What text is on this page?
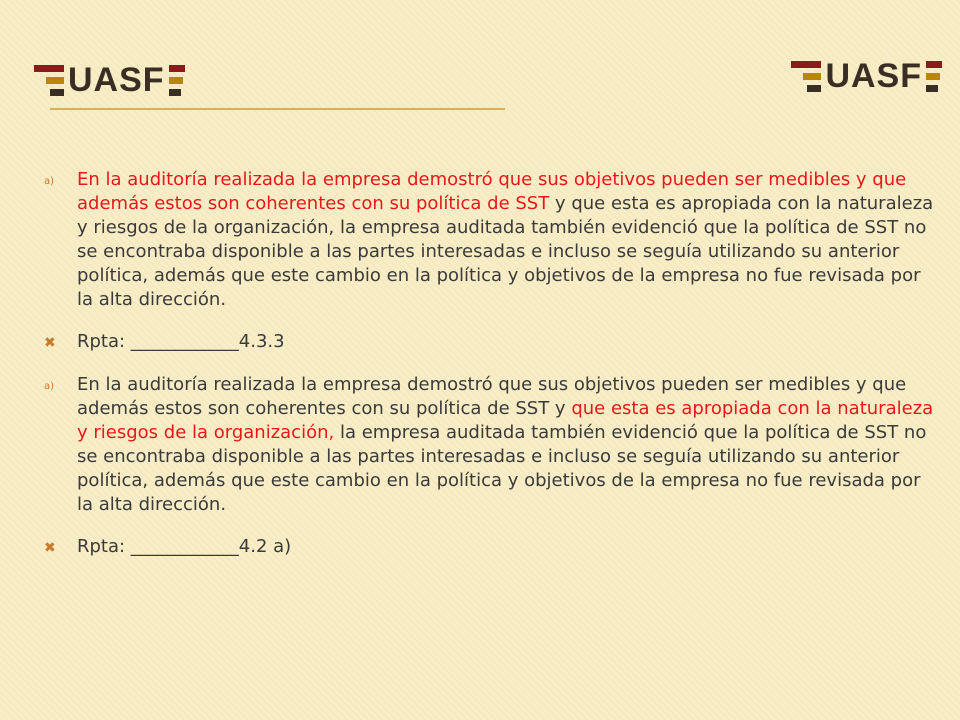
UASF	UASF
a)	En la auditoría realizada la empresa demostró que sus objetivos pueden ser medibles y que además estos son coherentes con su política de SST y que esta es apropiada con la naturaleza y riesgos de la organización, la empresa auditada también evidenció que la política de SST no se encontraba disponible a las partes interesadas e incluso se seguía utilizando su anterior política, además que este cambio en la política y objetivos de la empresa no fue revisada por la alta dirección.
✖	Rpta: ____________4.3.3
a)	En la auditoría realizada la empresa demostró que sus objetivos pueden ser medibles y que además estos son coherentes con su política de SST y que esta es apropiada con la naturaleza y riesgos de la organización, la empresa auditada también evidenció que la política de SST no se encontraba disponible a las partes interesadas e incluso se seguía utilizando su anterior política, además que este cambio en la política y objetivos de la empresa no fue revisada por la alta dirección.
✖	Rpta: ____________4.2 a)
